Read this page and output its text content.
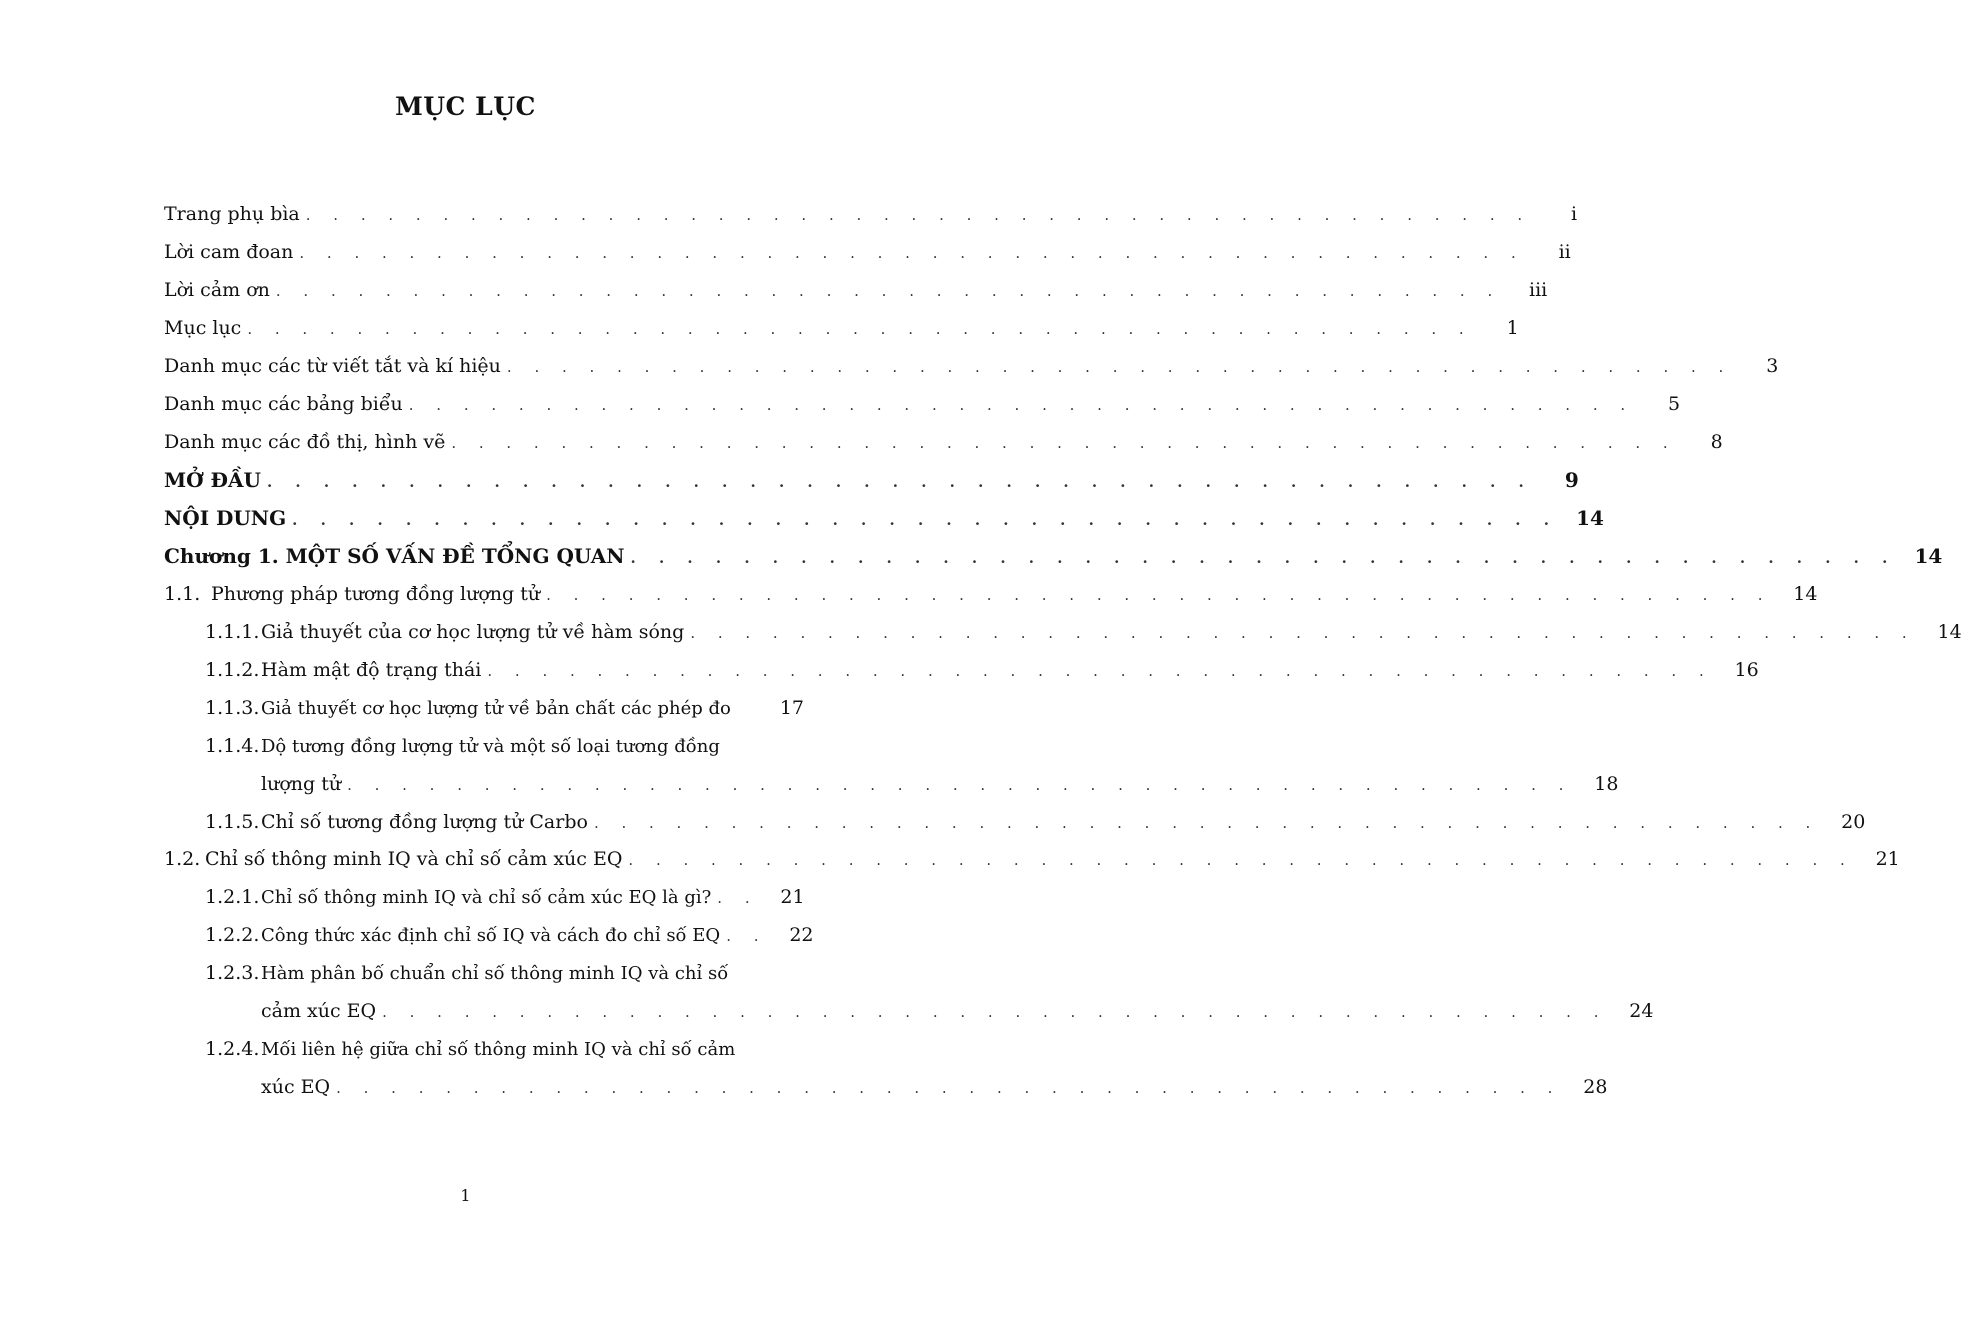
MỤC LỤC
Trang phụ bìa . . . . . . . . . . . . . . . . . . . . . . . . . . . . . . . . . . . . . . . . . . . . .	i
Lời cam đoan . . . . . . . . . . . . . . . . . . . . . . . . . . . . . . . . . . . . . . . . . . . . .	ii
Lời cảm ơn . . . . . . . . . . . . . . . . . . . . . . . . . . . . . . . . . . . . . . . . . . . . .	iii
Mục lục . . . . . . . . . . . . . . . . . . . . . . . . . . . . . . . . . . . . . . . . . . . . .	1
Danh mục các từ viết tắt và kí hiệu . . . . . . . . . . . . . . . . . . . . . . . . . . . . . . . . . . . . . . . . . . . . .	3
Danh mục các bảng biểu . . . . . . . . . . . . . . . . . . . . . . . . . . . . . . . . . . . . . . . . . . . . .	5
Danh mục các đồ thị, hình vẽ . . . . . . . . . . . . . . . . . . . . . . . . . . . . . . . . . . . . . . . . . . . . .	8
MỞ ĐẦU . . . . . . . . . . . . . . . . . . . . . . . . . . . . . . . . . . . . . . . . . . . . .	9
NỘI DUNG . . . . . . . . . . . . . . . . . . . . . . . . . . . . . . . . . . . . . . . . . . . . . 14
Chương 1. MỘT SỐ VẤN ĐỀ TỔNG QUAN . . . . . . . . . . . . . . . . . . . . . . . . . . . . . . . . . . . . . . . . . . . . . 14
1.1. Phương pháp tương đồng lượng tử . . . . . . . . . . . . . . . . . . . . . . . . . . . . . . . . . . . . . . . . . . . . .	14
1.1.1. Giả thuyết của cơ học lượng tử về hàm sóng . . . . . . . . . . . . . . . . . . . . . . . . . . . . . . . . . . . . . . . . . . . . .	14
1.1.2. Hàm mật độ trạng thái . . . . . . . . . . . . . . . . . . . . . . . . . . . . . . . . . . . . . . . . . . . . .	16
1.1.3. Giả thuyết cơ học lượng tử về bản chất các phép đo	17
1.1.4. Dộ tương đồng lượng tử và một số loại tương đồng
lượng tử . . . . . . . . . . . . . . . . . . . . . . . . . . . . . . . . . . . . . . . . . . . . .	18
1.1.5. Chỉ số tương đồng lượng tử Carbo . . . . . . . . . . . . . . . . . . . . . . . . . . . . . . . . . . . . . . . . . . . . .	20
1.2. Chỉ số thông minh IQ và chỉ số cảm xúc EQ . . . . . . . . . . . . . . . . . . . . . . . . . . . . . . . . . . . . . . . . . . . . .	21
1.2.1. Chỉ số thông minh IQ và chỉ số cảm xúc EQ là gì? . .	21
1.2.2. Công thức xác định chỉ số IQ và cách đo chỉ số EQ . .	22
1.2.3. Hàm phân bố chuẩn chỉ số thông minh IQ và chỉ số
cảm xúc EQ . . . . . . . . . . . . . . . . . . . . . . . . . . . . . . . . . . . . . . . . . . . . .	24
1.2.4. Mối liên hệ giữa chỉ số thông minh IQ và chỉ số cảm
xúc EQ . . . . . . . . . . . . . . . . . . . . . . . . . . . . . . . . . . . . . . . . . . . . .	28
1
